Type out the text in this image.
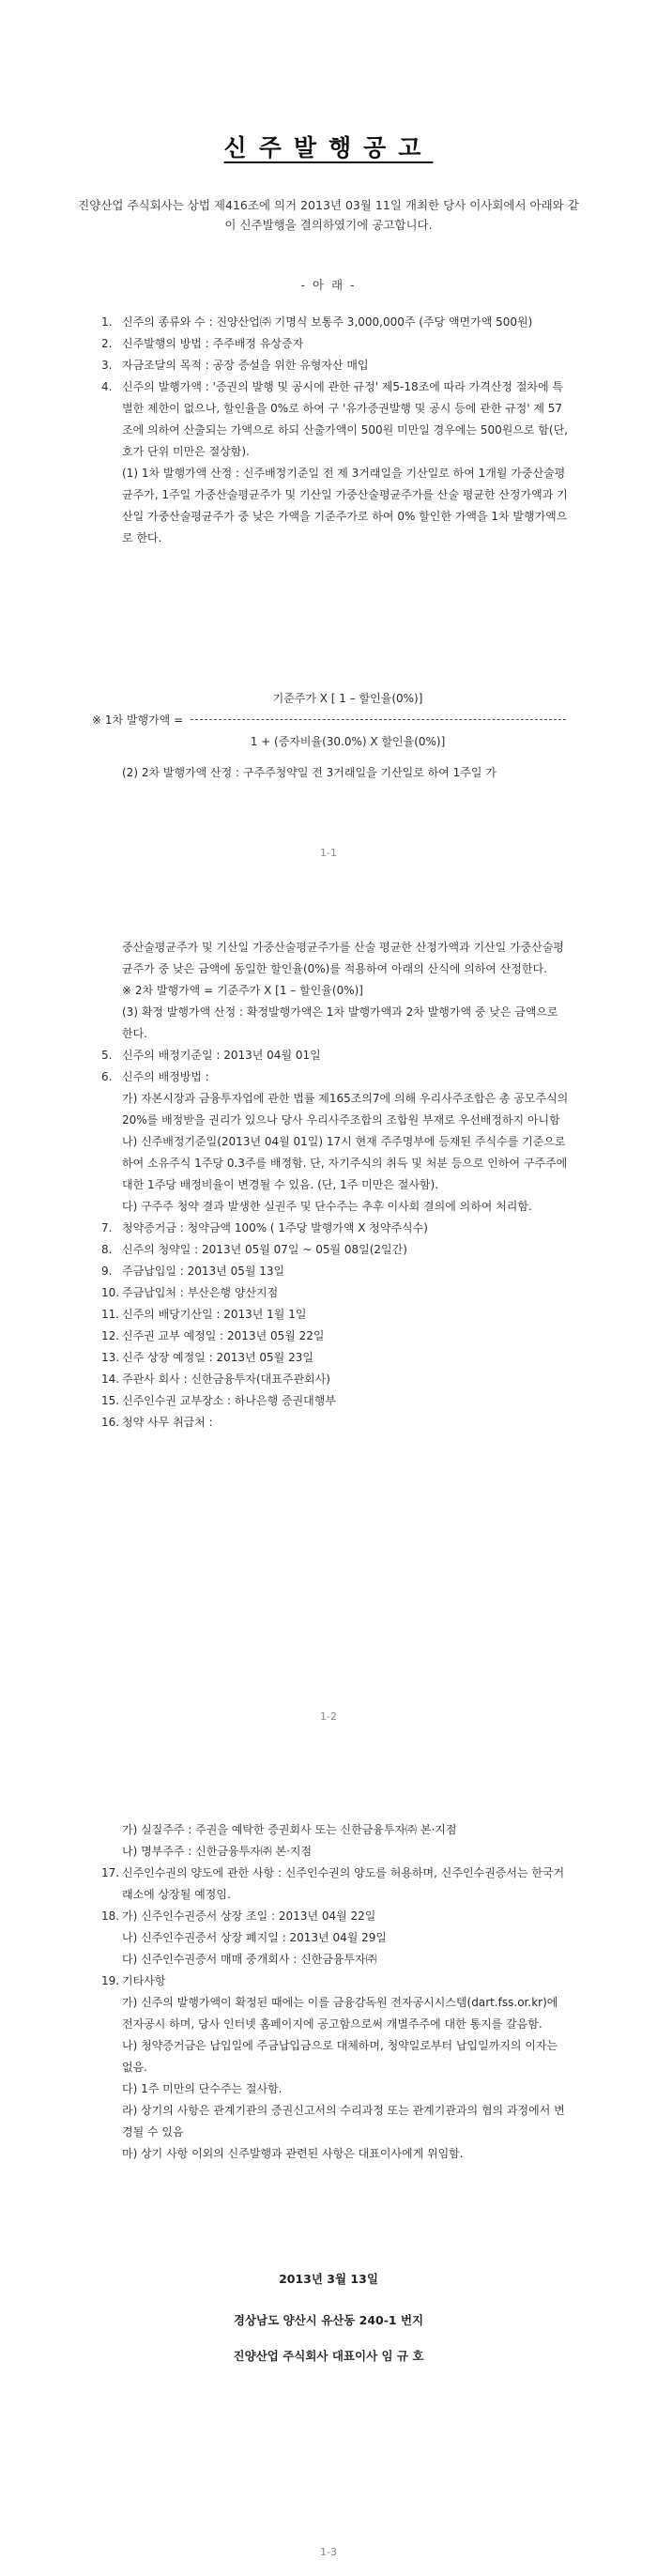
신주발행공고
진양산업 주식회사는 상법 제416조에 의거 2013년 03월 11일 개최한 당사 이사회에서 아래와 같이 신주발행을 결의하였기에 공고합니다.
- 아 래 -
1. 신주의 종류와 수 : 진양산업㈜ 기명식 보통주 3,000,000주 (주당 액면가액 500원)
2. 신주발행의 방법 : 주주배정 유상증자
3. 자금조달의 목적 : 공장 증설을 위한 유형자산 매입
4. 신주의 발행가액 : '증권의 발행 및 공시에 관한 규정' 제5-18조에 따라 가격산정 절차에 특별한 제한이 없으나, 할인율을 0%로 하여 구 '유가증권발행 및 공시 등에 관한 규정' 제 57조에 의하여 산출되는 가액으로 하되 산출가액이 500원 미만일 경우에는 500원으로 함(단, 호가 단위 미만은 절상함).
(1) 1차 발행가액 산정 : 신주배정기준일 전 제 3거래일을 기산일로 하여 1개월 가중산술평균주가, 1주일 가중산술평균주가 및 기산일 가중산술평균주가를 산술 평균한 산정가액과 기산일 가중산술평균주가 중 낮은 가액을 기준주가로 하여 0% 할인한 가액을 1차 발행가액으로 한다.
기준주가 X [ 1 – 할인율(0%)]
※ 1차 발행가액 =
1 + (증자비율(30.0%) X 할인율(0%)]
(2) 2차 발행가액 산정 : 구주주청약일 전 3거래일을 기산일로 하여 1주일 가
1-1
중산술평균주가 및 기산일 가중산술평균주가를 산술 평균한 산정가액과 기산일 가중산술평균주가 중 낮은 금액에 동일한 할인율(0%)를 적용하여 아래의 산식에 의하여 산정한다.
※ 2차 발행가액 = 기준주가 X [1 – 할인율(0%)]
(3) 확정 발행가액 산정 : 확정발행가액은 1차 발행가액과 2차 발행가액 중 낮은 금액으로 한다.
5. 신주의 배정기준일 : 2013년 04월 01일
6. 신주의 배정방법 :
가) 자본시장과 금융투자업에 관한 법률 제165조의7에 의해 우리사주조합은 총 공모주식의 20%를 배정받을 권리가 있으나 당사 우리사주조합의 조합원 부재로 우선배정하지 아니함
나) 신주배정기준일(2013년 04월 01일) 17시 현재 주주명부에 등재된 주식수를 기준으로하여 소유주식 1주당 0.3주를 배정함. 단, 자기주식의 취득 및 처분 등으로 인하여 구주주에 대한 1주당 배정비율이 변경될 수 있음. (단, 1주 미만은 절사함).
다) 구주주 청약 결과 발생한 실권주 및 단수주는 추후 이사회 결의에 의하여 처리함.
7. 청약증거금 : 청약금액 100% ( 1주당 발행가액 X 청약주식수)
8. 신주의 청약일 : 2013년 05월 07일 ~ 05월 08일(2일간)
9. 주금납입일 : 2013년 05월 13일
10. 주금납입처 : 부산은행 양산지점
11. 신주의 배당기산일 : 2013년 1월 1일
12. 신주권 교부 예정일 : 2013년 05월 22일
13. 신주 상장 예정일 : 2013년 05월 23일
14. 주관사 회사 : 신한금융투자(대표주관회사)
15. 신주인수권 교부장소 : 하나은행 증권대행부
16. 청약 사무 취급처 :
1-2
가) 실질주주 : 주권을 예탁한 증권회사 또는 신한금융투자㈜ 본·지점
나) 명부주주 : 신한금융투자㈜ 본·지점
17. 신주인수권의 양도에 관한 사항 : 신주인수권의 양도를 허용하며, 신주인수권증서는 한국거래소에 상장될 예정임.
18. 가) 신주인수권증서 상장 조일 : 2013년 04월 22일
나) 신주인수권증서 상장 폐지일 : 2013년 04월 29일
다) 신주인수권증서 매매 중개회사 : 신한금융투자㈜
19. 기타사항
가) 신주의 발행가액이 확정된 때에는 이를 금융감독원 전자공시시스템(dart.fss.or.kr)에 전자공시 하며, 당사 인터넷 홈페이지에 공고함으로써 개별주주에 대한 통지를 갈음함.
나) 청약증거금은 납입일에 주금납입금으로 대체하며, 청약일로부터 납입일까지의 이자는 없음.
다) 1주 미만의 단수주는 절사함.
라) 상기의 사항은 관계기관의 증권신고서의 수리과정 또는 관계기관과의 협의 과정에서 변경될 수 있음
마) 상기 사항 이외의 신주발행과 관련된 사항은 대표이사에게 위임함.
2013년 3월 13일
경상남도 양산시 유산동 240-1 번지
진양산업 주식회사 대표이사 임 규 호
1-3
